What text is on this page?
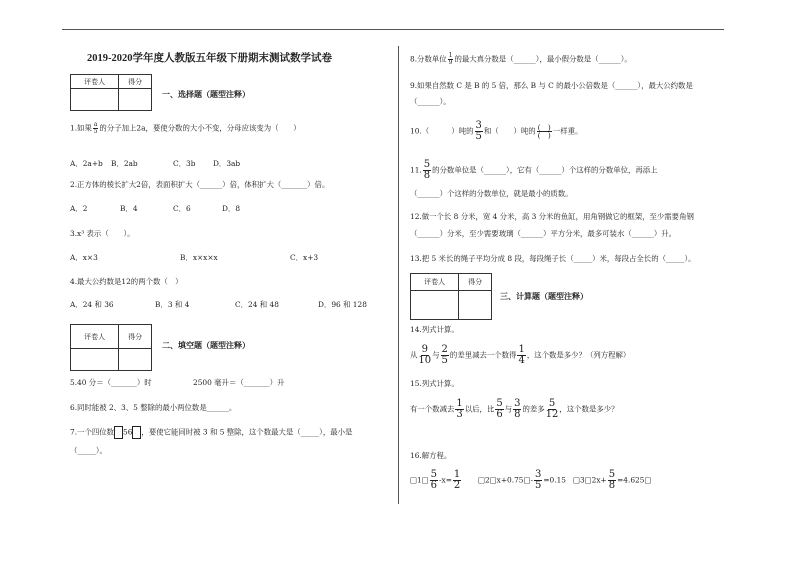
2019-2020学年度人教版五年级下册期末测试数学试卷
评卷人	得分

一、选择题（题型注释）
1.如果 $\frac{a}{5}$ 的分子加上2a，要使分数的大小不变，分母应该变为（　　）
A．2a+b B．2ab	C．3b D．3ab
2.正方体的棱长扩大2倍，表面积扩大（______）倍，体积扩大（_______）倍。
A．2	B．4	C．6	D．8
3.x³ 表示（　　）。
A．x×3	B．x×x×x	C．x+3
4.最大公约数是12的两个数（　）
A．24 和 36	B．3 和 4	C．24 和 48	D．96 和 128
评卷人	得分

二、填空题（题型注释）
5.40 分＝（_______）时	2500 毫升＝（_______）升
6.同时能被 2、3、5 整除的最小两位数是______。
7.一个四位数 56 ，要使它能同时被 3 和 5 整除，这个数最大是（_____），最小是
（_____）。
8.分数单位 $\frac{1}{9}$ 的最大真分数是（______），最小假分数是（______）。
9.如果自然数 C 是 B 的 5 倍，那么 B 与 C 的最小公倍数是（______），最大公约数是
（______）。
10.（　　　）吨的 $\frac{3}{5}$ 和（　　）吨的 $\frac{( )}{( )}$ 一样重。
11. $\frac{5}{8}$ 的分数单位是（______），它有（______）个这样的分数单位，再添上
（______）个这样的分数单位，就是最小的质数。
12.做一个长 8 分米，宽 4 分米，高 3 分米的鱼缸，用角钢做它的框架，至少需要角钢
（______）分米，至少需要玻璃（______）平方分米，最多可装水（______）升。
13.把 5 米长的绳子平均分成 8 段，每段绳子长（_____）米，每段占全长的（_____）。
评卷人	得分

三、计算题（题型注释）
14.列式计算。
从 $\frac{9}{10}$ 与 $\frac{2}{5}$ 的差里减去一个数得 $\frac{1}{4}$ ，这个数是多少？（列方程解）
15.列式计算。
有一个数减去 $\frac{1}{3}$ 以后，比 $\frac{5}{6}$ 与 $\frac{3}{8}$ 的差多 $\frac{5}{12}$ ，这个数是多少？
16.解方程。
□1□ $\frac{5}{6} -x= \frac{1}{2}$ □2□x+0.75□- $\frac{3}{5} =0.15$ □3□2x+ $\frac{5}{8}$ =4.625□
